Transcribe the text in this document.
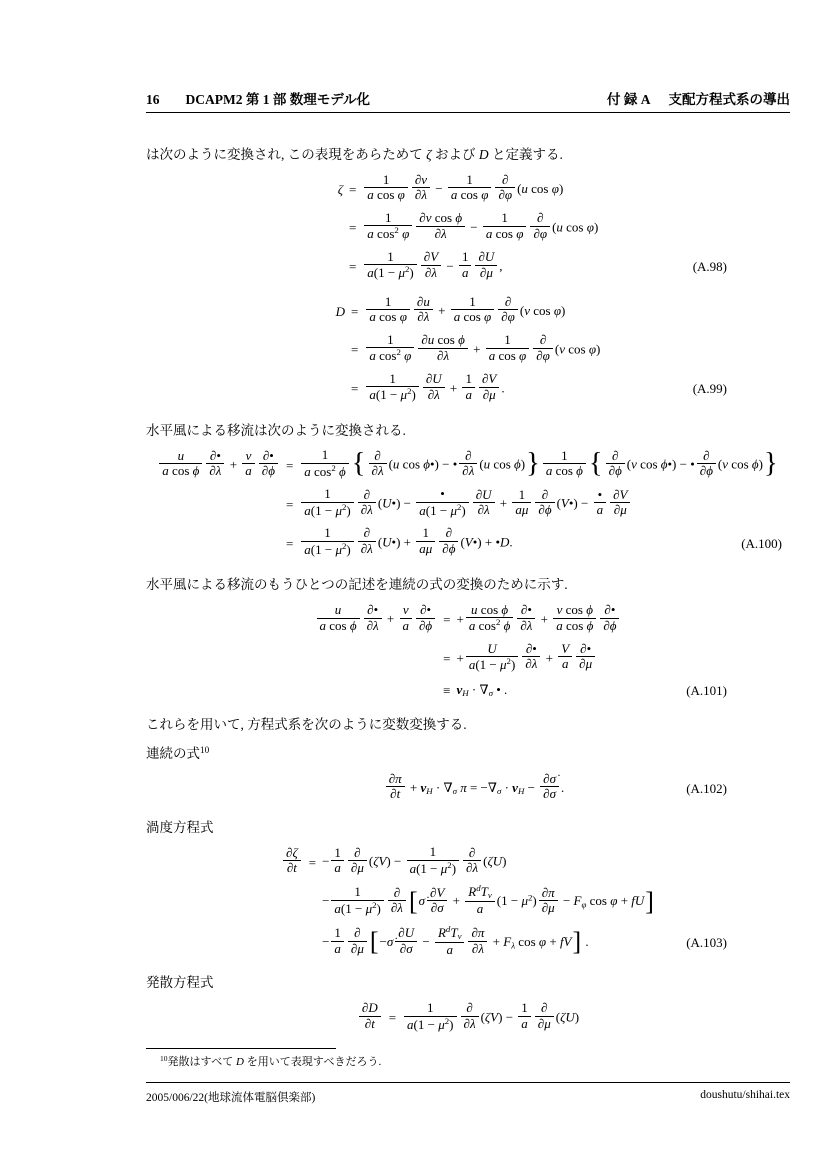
16 DCAPM2 第 1 部 数理モデル化	付 録 A 支配方程式系の導出
は次のように変換され, この表現をあらためて ζ および D と定義する.
ζ	=	$\frac{1}{\text{a cos φ}} \frac{\partial v}{\partial\lambda} - \frac{1}{\text{a cos φ}} \frac{\partial}{\partial\varphi} (u$ cos φ)
	=	$\frac{1}{a \cos^2 \varphi} \frac{\text{∂v cos ϕ}}{\partial\lambda} - \frac{1}{\text{a cos φ}} \frac{\partial}{\partial\varphi} (u$ cos φ)
	=	$\frac{1}{a(1 - \mu^2)} \frac{\partial V}{\partial\lambda} - \frac{1}{a} \frac{\partial U}{\partial\mu}$ ,	(A.98)
D	=	$\frac{1}{\text{a cos φ}} \frac{\partial u}{\partial\lambda} + \frac{1}{\text{a cos φ}} \frac{\partial}{\partial\varphi} (v$ cos φ)
	=	$\frac{1}{a \cos^2 \varphi} \frac{\text{∂u cos ϕ}}{\partial\lambda} + \frac{1}{\text{a cos φ}} \frac{\partial}{\partial\varphi} (v$ cos φ)
	=	$\frac{1}{a(1 - \mu^2)} \frac{\partial U}{\partial\lambda} + \frac{1}{a} \frac{\partial V}{\partial\mu}$ .	(A.99)
水平風による移流は次のように変換される.
$\frac{u}{\text{a cos ϕ}} \frac{\partial•}{\partial\lambda} + \frac{v}{a} \frac{\partial•}{\partial\phi}$	=	$\frac{1}{a \cos^2 \phi}$ { $\frac{\partial}{\partial\lambda} (u$ cos ϕ•) − • $\frac{\partial}{\partial\lambda} (u$ $\cos \phi)\} \frac{1}{\text{a cos ϕ}}$ { $\frac{\partial}{\partial\phi} (v$ cos ϕ•) − • $\frac{\partial}{\partial\phi} (v$ cos ϕ)}
	=	$\frac{1}{a(1 - \mu^2)} \frac{\partial}{\partial\lambda}$ (U•) − $\frac{•}{a(1 - \mu^2)} \frac{\partial U}{\partial\lambda} + \frac{1}{a\mu} \frac{\partial}{\partial\phi}$ (V•) − $\frac{•}{a} \frac{\partial V}{\partial\mu}$

	=	$\frac{1}{a(1 - \mu^2)} \frac{\partial}{\partial\lambda}$ (U•) + $\frac{1}{a\mu} \frac{\partial}{\partial\phi}$ (V•) + •D.	(A.100)
水平風による移流のもうひとつの記述を連続の式の変換のために示す.
$\frac{u}{\text{a cos ϕ}} \frac{\partial•}{\partial\lambda} + \frac{v}{a} \frac{\partial•}{\partial\phi}$	=	+ $\frac{\text{u cos ϕ}}{a \cos^2 \phi} \frac{\partial•}{\partial\lambda} + \frac{\text{v cos ϕ}}{\text{a cos ϕ}} \frac{\partial•}{\partial\phi}$

	=	+ $\frac{U}{a(1 - \mu^2)} \frac{\partial•}{\partial\lambda} + \frac{V}{a} \frac{\partial•}{\partial\mu}$

	≡	vH · ∇σ • .	(A.101)
これらを用いて, 方程式系を次のように変数変換する.
連続の式$^{10}$

$\frac{\partial\pi}{\partial t}$ + vH · ∇σ π = −∇σ · vH − $\frac{\partial\sigmȧ}{\partial\sigma}$ .	(A.102)
渦度方程式
$\frac{\partial\zeta}{\partial t}$	=	− $\frac{1}{a} \frac{\partial}{\partial\mu} (\zeta V) - \frac{1}{a(1 - \mu^2)} \frac{\partial}{\partial\lambda} (\zeta U)$
		− $\frac{1}{a(1 - \mu^2)} \frac{\partial}{\partial\lambda}$ [σ̇ $\frac{\partial V}{\partial\sigma} + \frac{R^dTv}{a} (1 - \mu^2) \frac{\partial\pi}{\partial\mu} - F\varphi$ cos φ + fU]
		− $\frac{1}{a} \frac{\partial}{\partial\mu}$ [−σ̇ $\frac{\partial U}{\partial\sigma} - \frac{R^dTv}{a} \frac{\partial\pi}{\partial\lambda} + F\lambda$ cos φ + fV] .	(A.103)
発散方程式
$\frac{\partial D}{\partial t}$	=	$\frac{1}{a(1 - \mu^2)} \frac{\partial}{\partial\lambda} (\zeta V) - \frac{1}{a} \frac{\partial}{\partial\mu} (\zeta U)$
$^{10}$発散はすべて D を用いて表現すべきだろう.
2005/006/22(地球流体電脳倶楽部)	doushutu/shihai.tex
